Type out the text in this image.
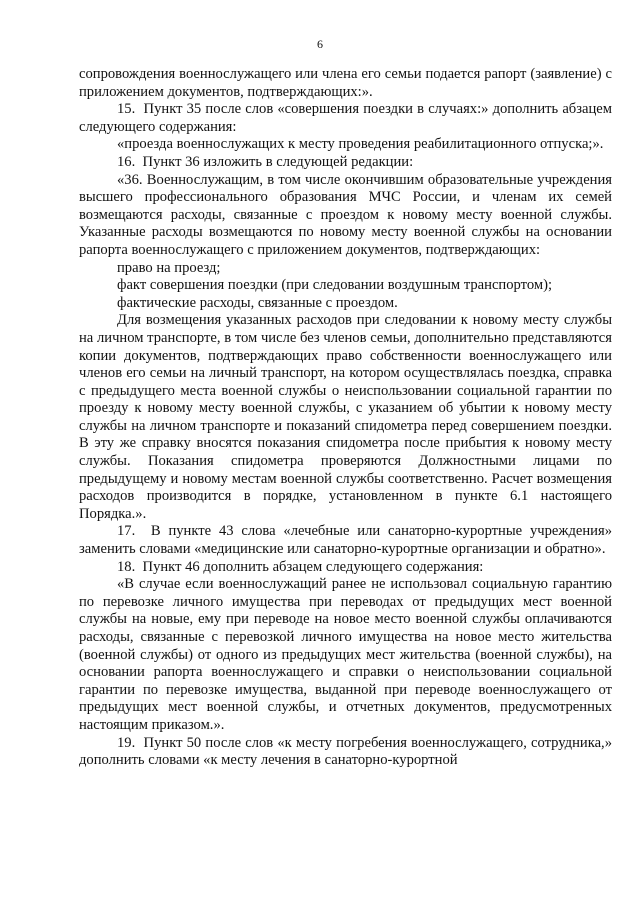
6

сопровождения военнослужащего или члена его семьи подается рапорт (заявление) с приложением документов, подтверждающих:».

15.  Пункт 35 после слов «совершения поездки в случаях:» дополнить абзацем следующего содержания:

«проезда военнослужащих к месту проведения реабилитационного отпуска;».

16.  Пункт 36 изложить в следующей редакции:

«36. Военнослужащим, в том числе окончившим образовательные учреждения высшего профессионального образования МЧС России, и членам их семей возмещаются расходы, связанные с проездом к новому месту военной службы. Указанные расходы возмещаются по новому месту военной службы на основании рапорта военнослужащего с приложением документов, подтверждающих:

право на проезд;

факт совершения поездки (при следовании воздушным транспортом);

фактические расходы, связанные с проездом.

Для возмещения указанных расходов при следовании к новому месту службы на личном транспорте, в том числе без членов семьи, дополнительно представляются копии документов, подтверждающих право собственности военнослужащего или членов его семьи на личный транспорт, на котором осуществлялась поездка, справка с предыдущего места военной службы о неиспользовании социальной гарантии по проезду к новому месту военной службы, с указанием об убытии к новому месту службы на личном транспорте и показаний спидометра перед совершением поездки. В эту же справку вносятся показания спидометра после прибытия к новому месту службы. Показания спидометра проверяются Должностными лицами по предыдущему и новому местам военной службы соответственно. Расчет возмещения расходов производится в порядке, установленном в пункте 6.1 настоящего Порядка.».

17.  В пункте 43 слова «лечебные или санаторно-курортные учреждения» заменить словами «медицинские или санаторно-курортные организации и обратно».

18.  Пункт 46 дополнить абзацем следующего содержания:

«В случае если военнослужащий ранее не использовал социальную гарантию по перевозке личного имущества при переводах от предыдущих мест военной службы на новые, ему при переводе на новое место военной службы оплачиваются расходы, связанные с перевозкой личного имущества на новое место жительства (военной службы) от одного из предыдущих мест жительства (военной службы), на основании рапорта военнослужащего и справки о неиспользовании социальной гарантии по перевозке имущества, выданной при переводе военнослужащего от предыдущих мест военной службы, и отчетных документов, предусмотренных настоящим приказом.».

19.  Пункт 50 после слов «к месту погребения военнослужащего, сотрудника,» дополнить словами «к месту лечения в санаторно-курортной
